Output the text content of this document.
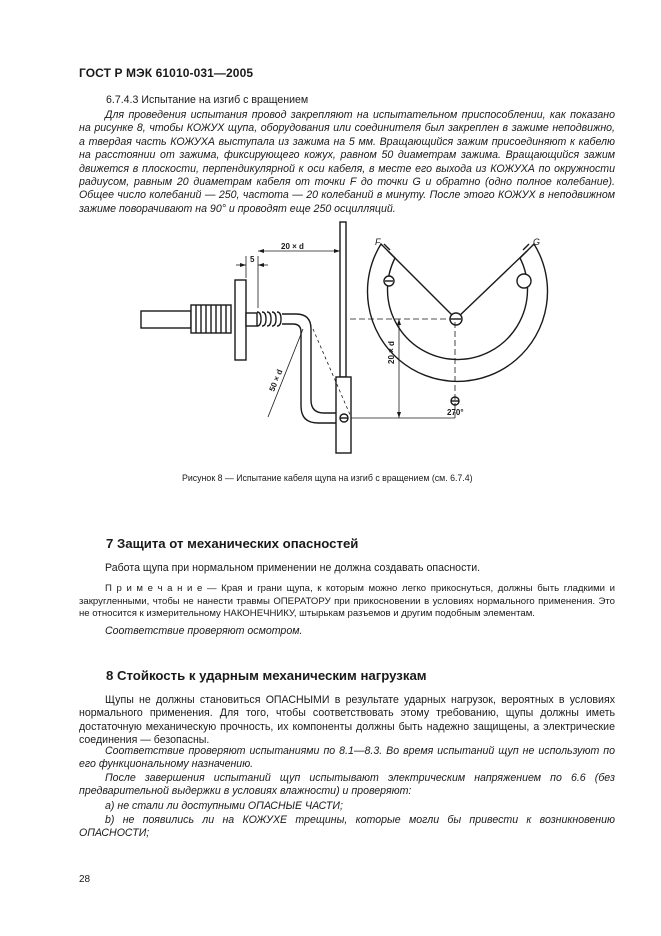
ГОСТ Р МЭК 61010-031—2005
6.7.4.3 Испытание на изгиб с вращением
Для проведения испытания провод закрепляют на испытательном приспособлении, как показано на рисунке 8, чтобы КОЖУХ щупа, оборудования или соединителя был закреплен в зажиме неподвижно, а твердая часть КОЖУХА выступала из зажима на 5 мм. Вращающийся зажим присоединяют к кабелю на расстоянии от зажима, фиксирующего кожух, равном 50 диаметрам зажима. Вращающийся зажим движется в плоскости, перпендикулярной к оси кабеля, в месте его выхода из КОЖУХА по окружности радиусом, равным 20 диаметрам кабеля от точки F до точки G и обратно (одно полное колебание). Общее число колебаний — 250, частота — 20 колебаний в минуту. После этого КОЖУХ в неподвижном зажиме поворачивают на 90° и проводят еще 250 осцилляций.
5
20 × d
50 × d
20 × d
F	G
270°
Рисунок 8 — Испытание кабеля щупа на изгиб с вращением (см. 6.7.4)
7 Защита от механических опасностей
Работа щупа при нормальном применении не должна создавать опасности.
П р и м е ч а н и е — Края и грани щупа, к которым можно легко прикоснуться, должны быть гладкими и закругленными, чтобы не нанести травмы ОПЕРАТОРУ при прикосновении в условиях нормального применения. Это не относится к измерительному НАКОНЕЧНИКУ, штырькам разъемов и другим подобным элементам.
Соответствие проверяют осмотром.
8 Стойкость к ударным механическим нагрузкам
Щупы не должны становиться ОПАСНЫМИ в результате ударных нагрузок, вероятных в условиях нормального применения. Для того, чтобы соответствовать этому требованию, щупы должны иметь достаточную механическую прочность, их компоненты должны быть надежно защищены, а электрические соединения — безопасны.
Соответствие проверяют испытаниями по 8.1—8.3. Во время испытаний щуп не используют по его функциональному назначению.
После завершения испытаний щуп испытывают электрическим напряжением по 6.6 (без предварительной выдержки в условиях влажности) и проверяют:
a) не стали ли доступными ОПАСНЫЕ ЧАСТИ;
b) не появились ли на КОЖУХЕ трещины, которые могли бы привести к возникновению ОПАСНОСТИ;
28
